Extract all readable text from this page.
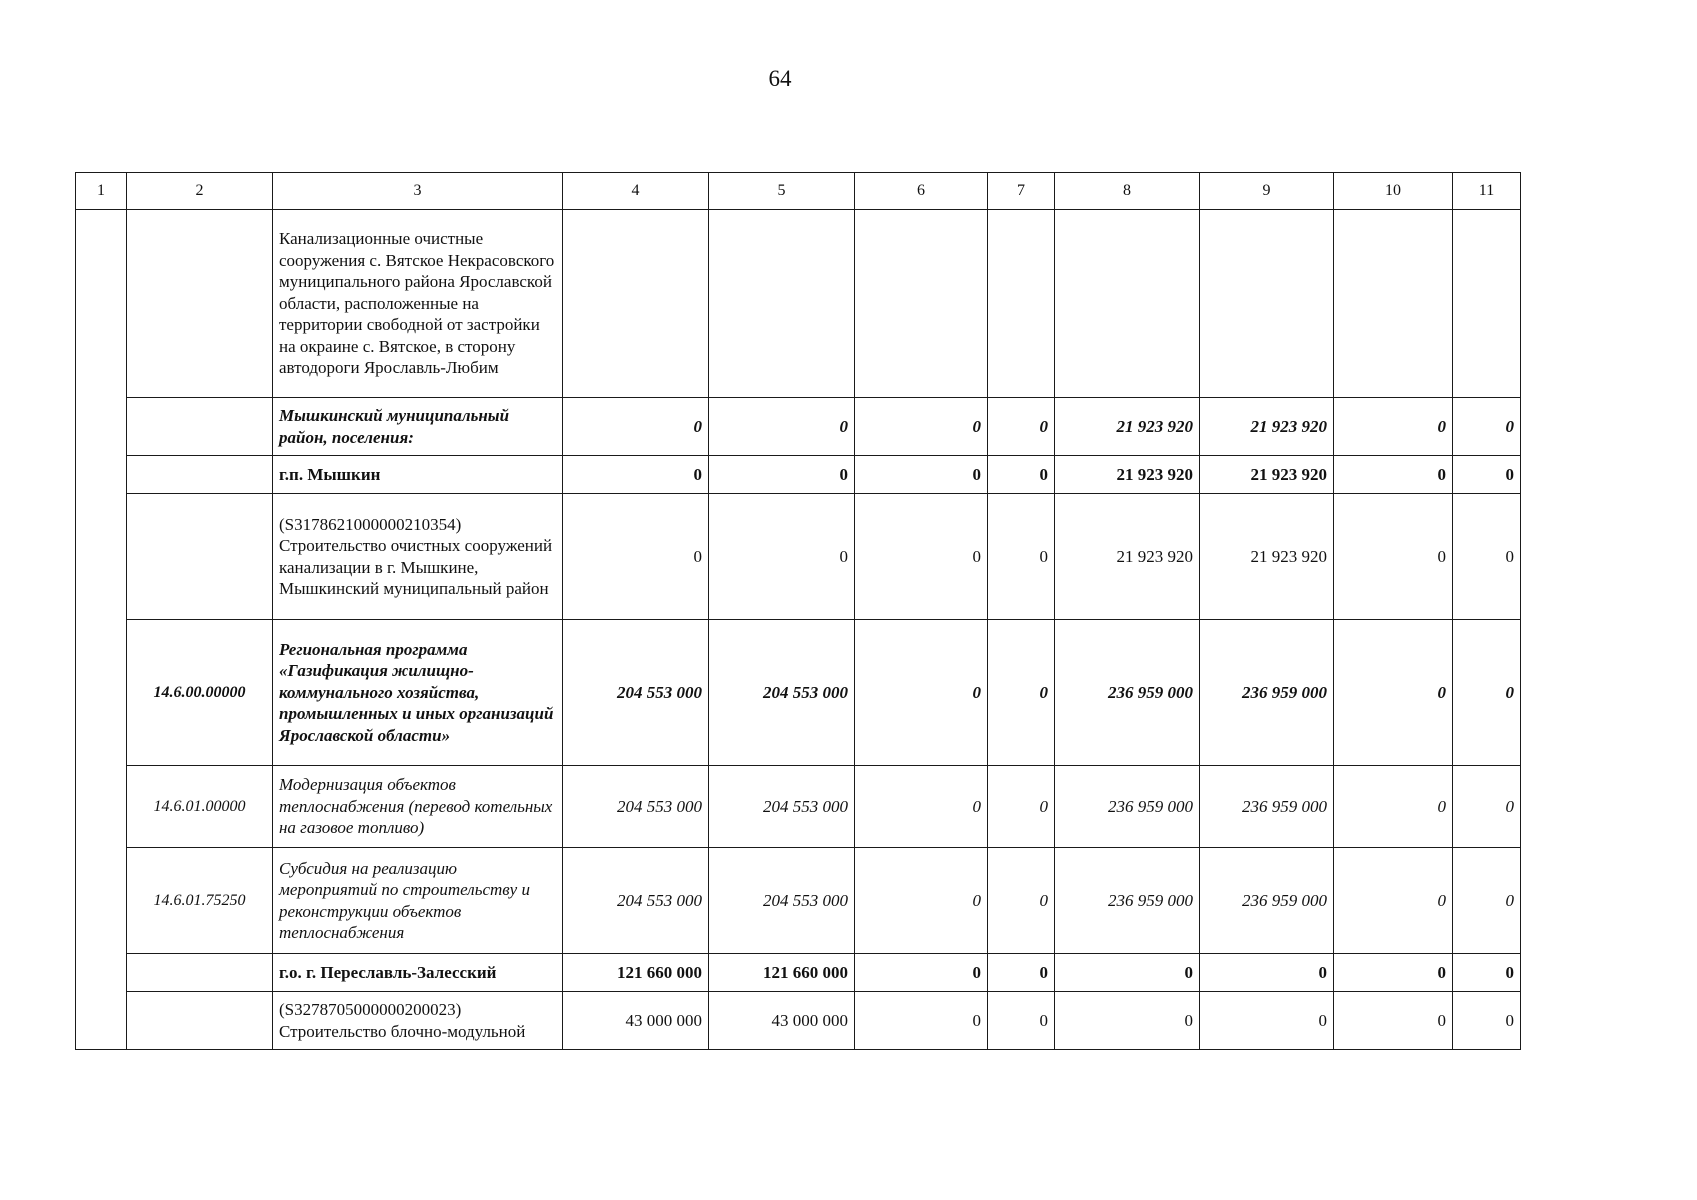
64
1	2	3	4	5	6	7	8	9	10	11
		Канализационные очистные сооружения с. Вятское Некрасовского муниципального района Ярославской области, расположенные на территории свободной от застройки на окраине с. Вятское, в сторону автодороги Ярославль-Любим								
		Мышкинский муниципальный район, поселения:	0	0	0	0	21 923 920	21 923 920	0	0
		г.п. Мышкин	0	0	0	0	21 923 920	21 923 920	0	0
		(S3178621000000210354) Строительство очистных сооружений канализации в г. Мышкине, Мышкинский муниципальный район	0	0	0	0	21 923 920	21 923 920	0	0
	14.6.00.00000	Региональная программа «Газификация жилищно-коммунального хозяйства, промышленных и иных организаций Ярославской области»	204 553 000	204 553 000	0	0	236 959 000	236 959 000	0	0
	14.6.01.00000	Модернизация объектов теплоснабжения (перевод котельных на газовое топливо)	204 553 000	204 553 000	0	0	236 959 000	236 959 000	0	0
	14.6.01.75250	Субсидия на реализацию мероприятий по строительству и реконструкции объектов теплоснабжения	204 553 000	204 553 000	0	0	236 959 000	236 959 000	0	0
		г.о. г. Переславль-Залесский	121 660 000	121 660 000	0	0	0	0	0	0
		(S3278705000000200023) Строительство блочно-модульной	43 000 000	43 000 000	0	0	0	0	0	0
